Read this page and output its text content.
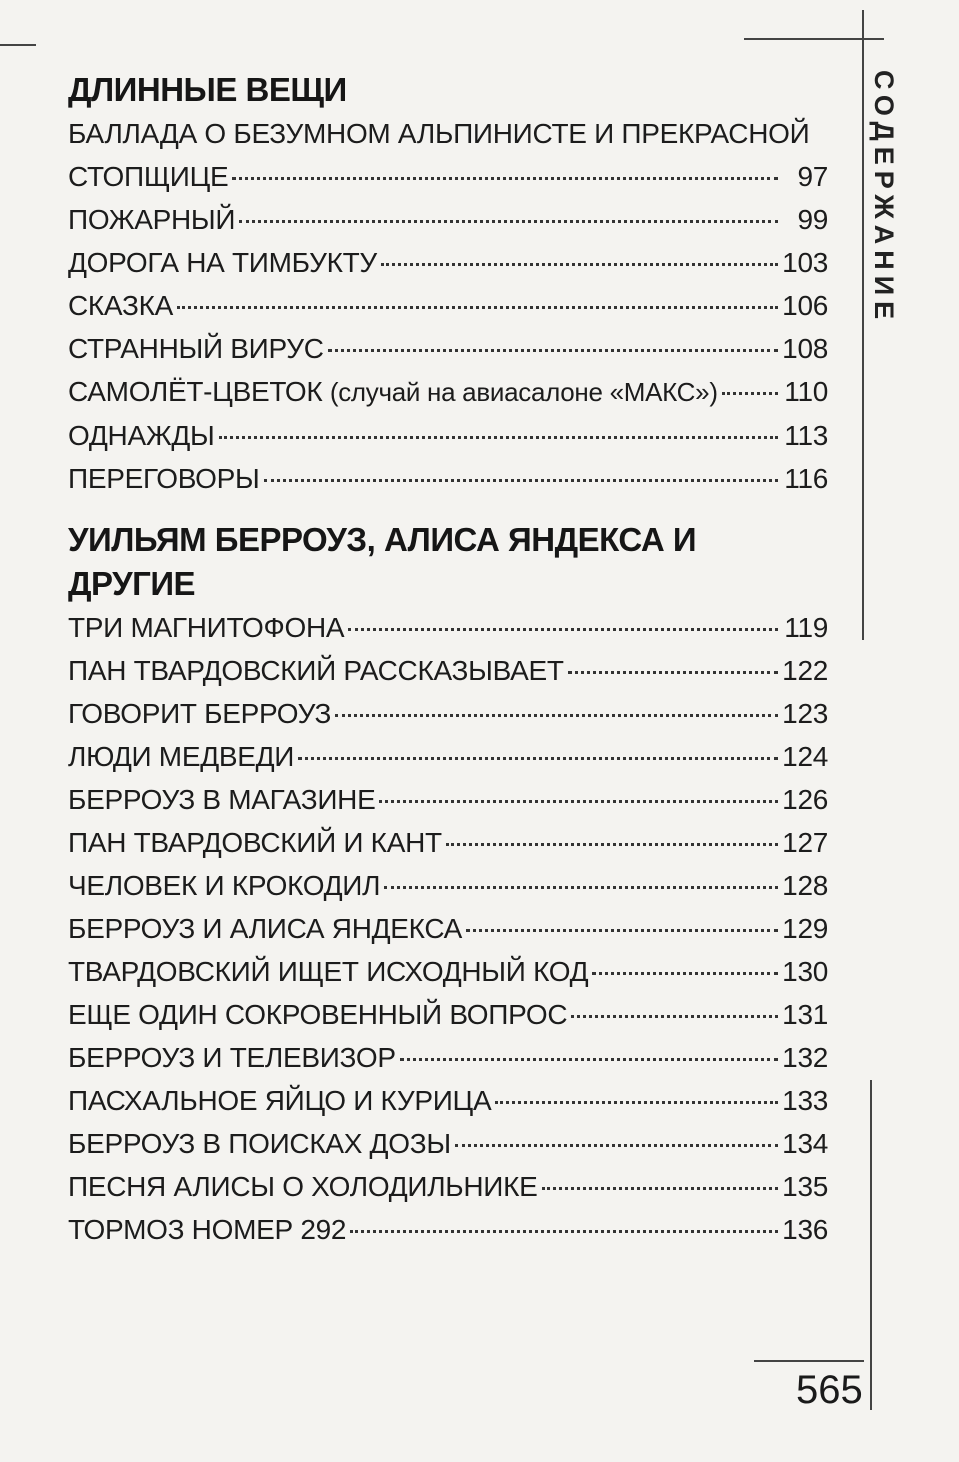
СОДЕРЖАНИЕ
ДЛИННЫЕ ВЕЩИ
БАЛЛАДА О БЕЗУМНОМ АЛЬПИНИСТЕ И ПРЕКРАСНОЙ
СТОПЩИЦЕ	97
ПОЖАРНЫЙ	99
ДОРОГА НА ТИМБУКТУ	103
СКАЗКА	106
СТРАННЫЙ ВИРУС	108
САМОЛЁТ-ЦВЕТОК (случай на авиасалоне «МАКС») 110
ОДНАЖДЫ	113
ПЕРЕГОВОРЫ	116
УИЛЬЯМ БЕРРОУЗ, АЛИСА ЯНДЕКСА И ДРУГИЕ
ТРИ МАГНИТОФОНА	119
ПАН ТВАРДОВСКИЙ РАССКАЗЫВАЕТ	122
ГОВОРИТ БЕРРОУЗ	123
ЛЮДИ МЕДВЕДИ	124
БЕРРОУЗ В МАГАЗИНЕ	126
ПАН ТВАРДОВСКИЙ И КАНТ	127
ЧЕЛОВЕК И КРОКОДИЛ	128
БЕРРОУЗ И АЛИСА ЯНДЕКСА	129
ТВАРДОВСКИЙ ИЩЕТ ИСХОДНЫЙ КОД	130
ЕЩЕ ОДИН СОКРОВЕННЫЙ ВОПРОС	131
БЕРРОУЗ И ТЕЛЕВИЗОР	132
ПАСХАЛЬНОЕ ЯЙЦО И КУРИЦА	133
БЕРРОУЗ В ПОИСКАХ ДОЗЫ	134
ПЕСНЯ АЛИСЫ О ХОЛОДИЛЬНИКЕ	135
ТОРМОЗ НОМЕР 292	136
565
